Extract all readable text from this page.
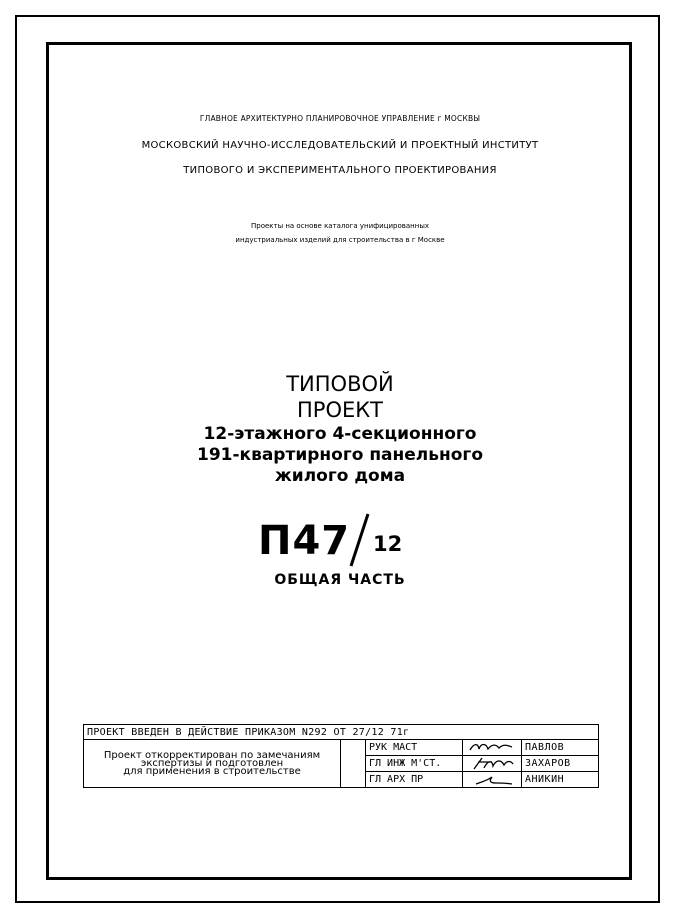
ГЛАВНОЕ АРХИТЕКТУРНО ПЛАНИРОВОЧНОЕ УПРАВЛЕНИЕ г МОСКВЫ
МОСКОВСКИЙ НАУЧНО-ИССЛЕДОВАТЕЛЬСКИЙ И ПРОЕКТНЫЙ ИНСТИТУТ
ТИПОВОГО И ЭКСПЕРИМЕНТАЛЬНОГО ПРОЕКТИРОВАНИЯ
Проекты на основе каталога унифицированных
индустриальных изделий для строительства в г Москве
ТИПОВОЙ
ПРОЕКТ
12-этажного 4-секционного
191-квартирного панельного
жилого дома
П47 12
ОБЩАЯ ЧАСТЬ
ПРОЕКТ ВВЕДЕН В ДЕЙСТВИЕ ПРИКАЗОМ N292 ОТ 27/12 71г				

Проект откорректирован по замечаниям
экспертизы и подготовлен
для применения в строительстве		РУК МАСТ		ПАВЛОВ
		ГЛ ИНЖ М'СТ.		ЗАХАРОВ
		ГЛ АРХ ПР		АНИКИН
